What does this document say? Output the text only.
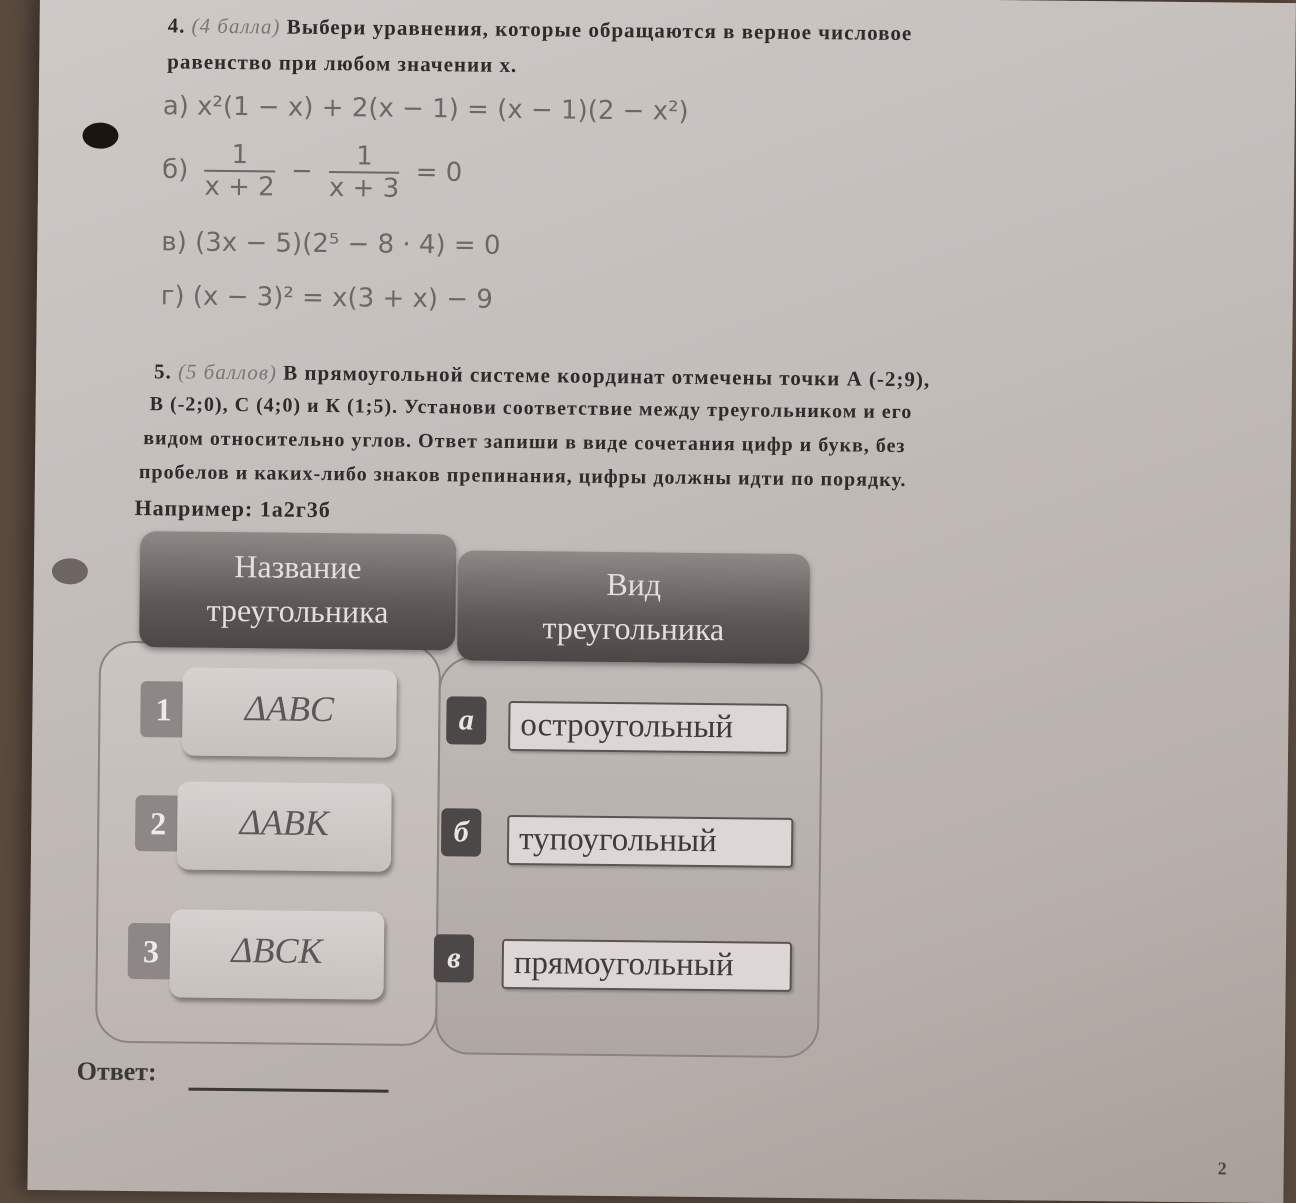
4. (4 балла) Выбери уравнения, которые обращаются в верное числовое
равенство при любом значении x.
а) x²(1 − x) + 2(x − 1) = (x − 1)(2 − x²)
$б) \frac{1}{x + 2} - \frac{1}{x + 3} = 0$
в) (3x − 5)(2⁵ − 8 · 4) = 0
г) (x − 3)² = x(3 + x) − 9
5. (5 баллов) В прямоугольной системе координат отмечены точки А (-2;9),
В (-2;0), С (4;0) и К (1;5). Установи соответствие между треугольником и его
видом относительно углов. Ответ запиши в виде сочетания цифр и букв, без
пробелов и каких-либо знаков препинания, цифры должны идти по порядку.
Например: 1а2г3б
Название
треугольника
Вид
треугольника
1	ΔABC
2	ΔABK
3	ΔBCK
а	остроугольный
б	тупоугольный
в	прямоугольный
Ответ:
2
